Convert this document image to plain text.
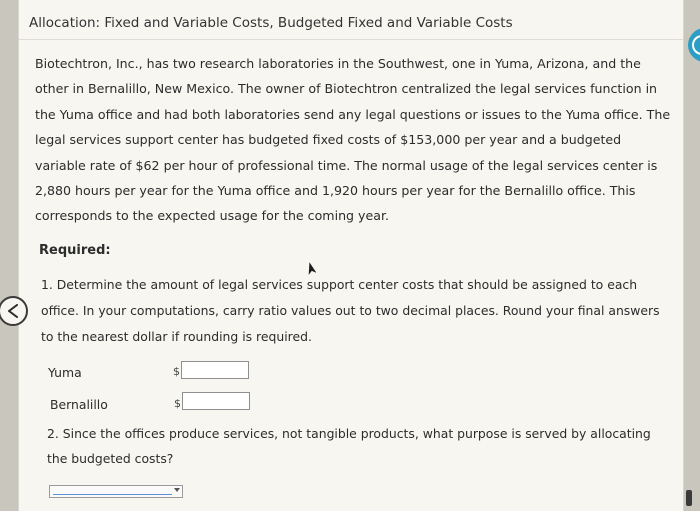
Allocation: Fixed and Variable Costs, Budgeted Fixed and Variable Costs
Biotechtron, Inc., has two research laboratories in the Southwest, one in Yuma, Arizona, and the
other in Bernalillo, New Mexico. The owner of Biotechtron centralized the legal services function in
the Yuma office and had both laboratories send any legal questions or issues to the Yuma office. The
legal services support center has budgeted fixed costs of $153,000 per year and a budgeted
variable rate of $62 per hour of professional time. The normal usage of the legal services center is
2,880 hours per year for the Yuma office and 1,920 hours per year for the Bernalillo office. This
corresponds to the expected usage for the coming year.
Required:
1. Determine the amount of legal services support center costs that should be assigned to each
office. In your computations, carry ratio values out to two decimal places. Round your final answers
to the nearest dollar if rounding is required.
Yuma	$
Bernalillo	$
2. Since the offices produce services, not tangible products, what purpose is served by allocating
the budgeted costs?
